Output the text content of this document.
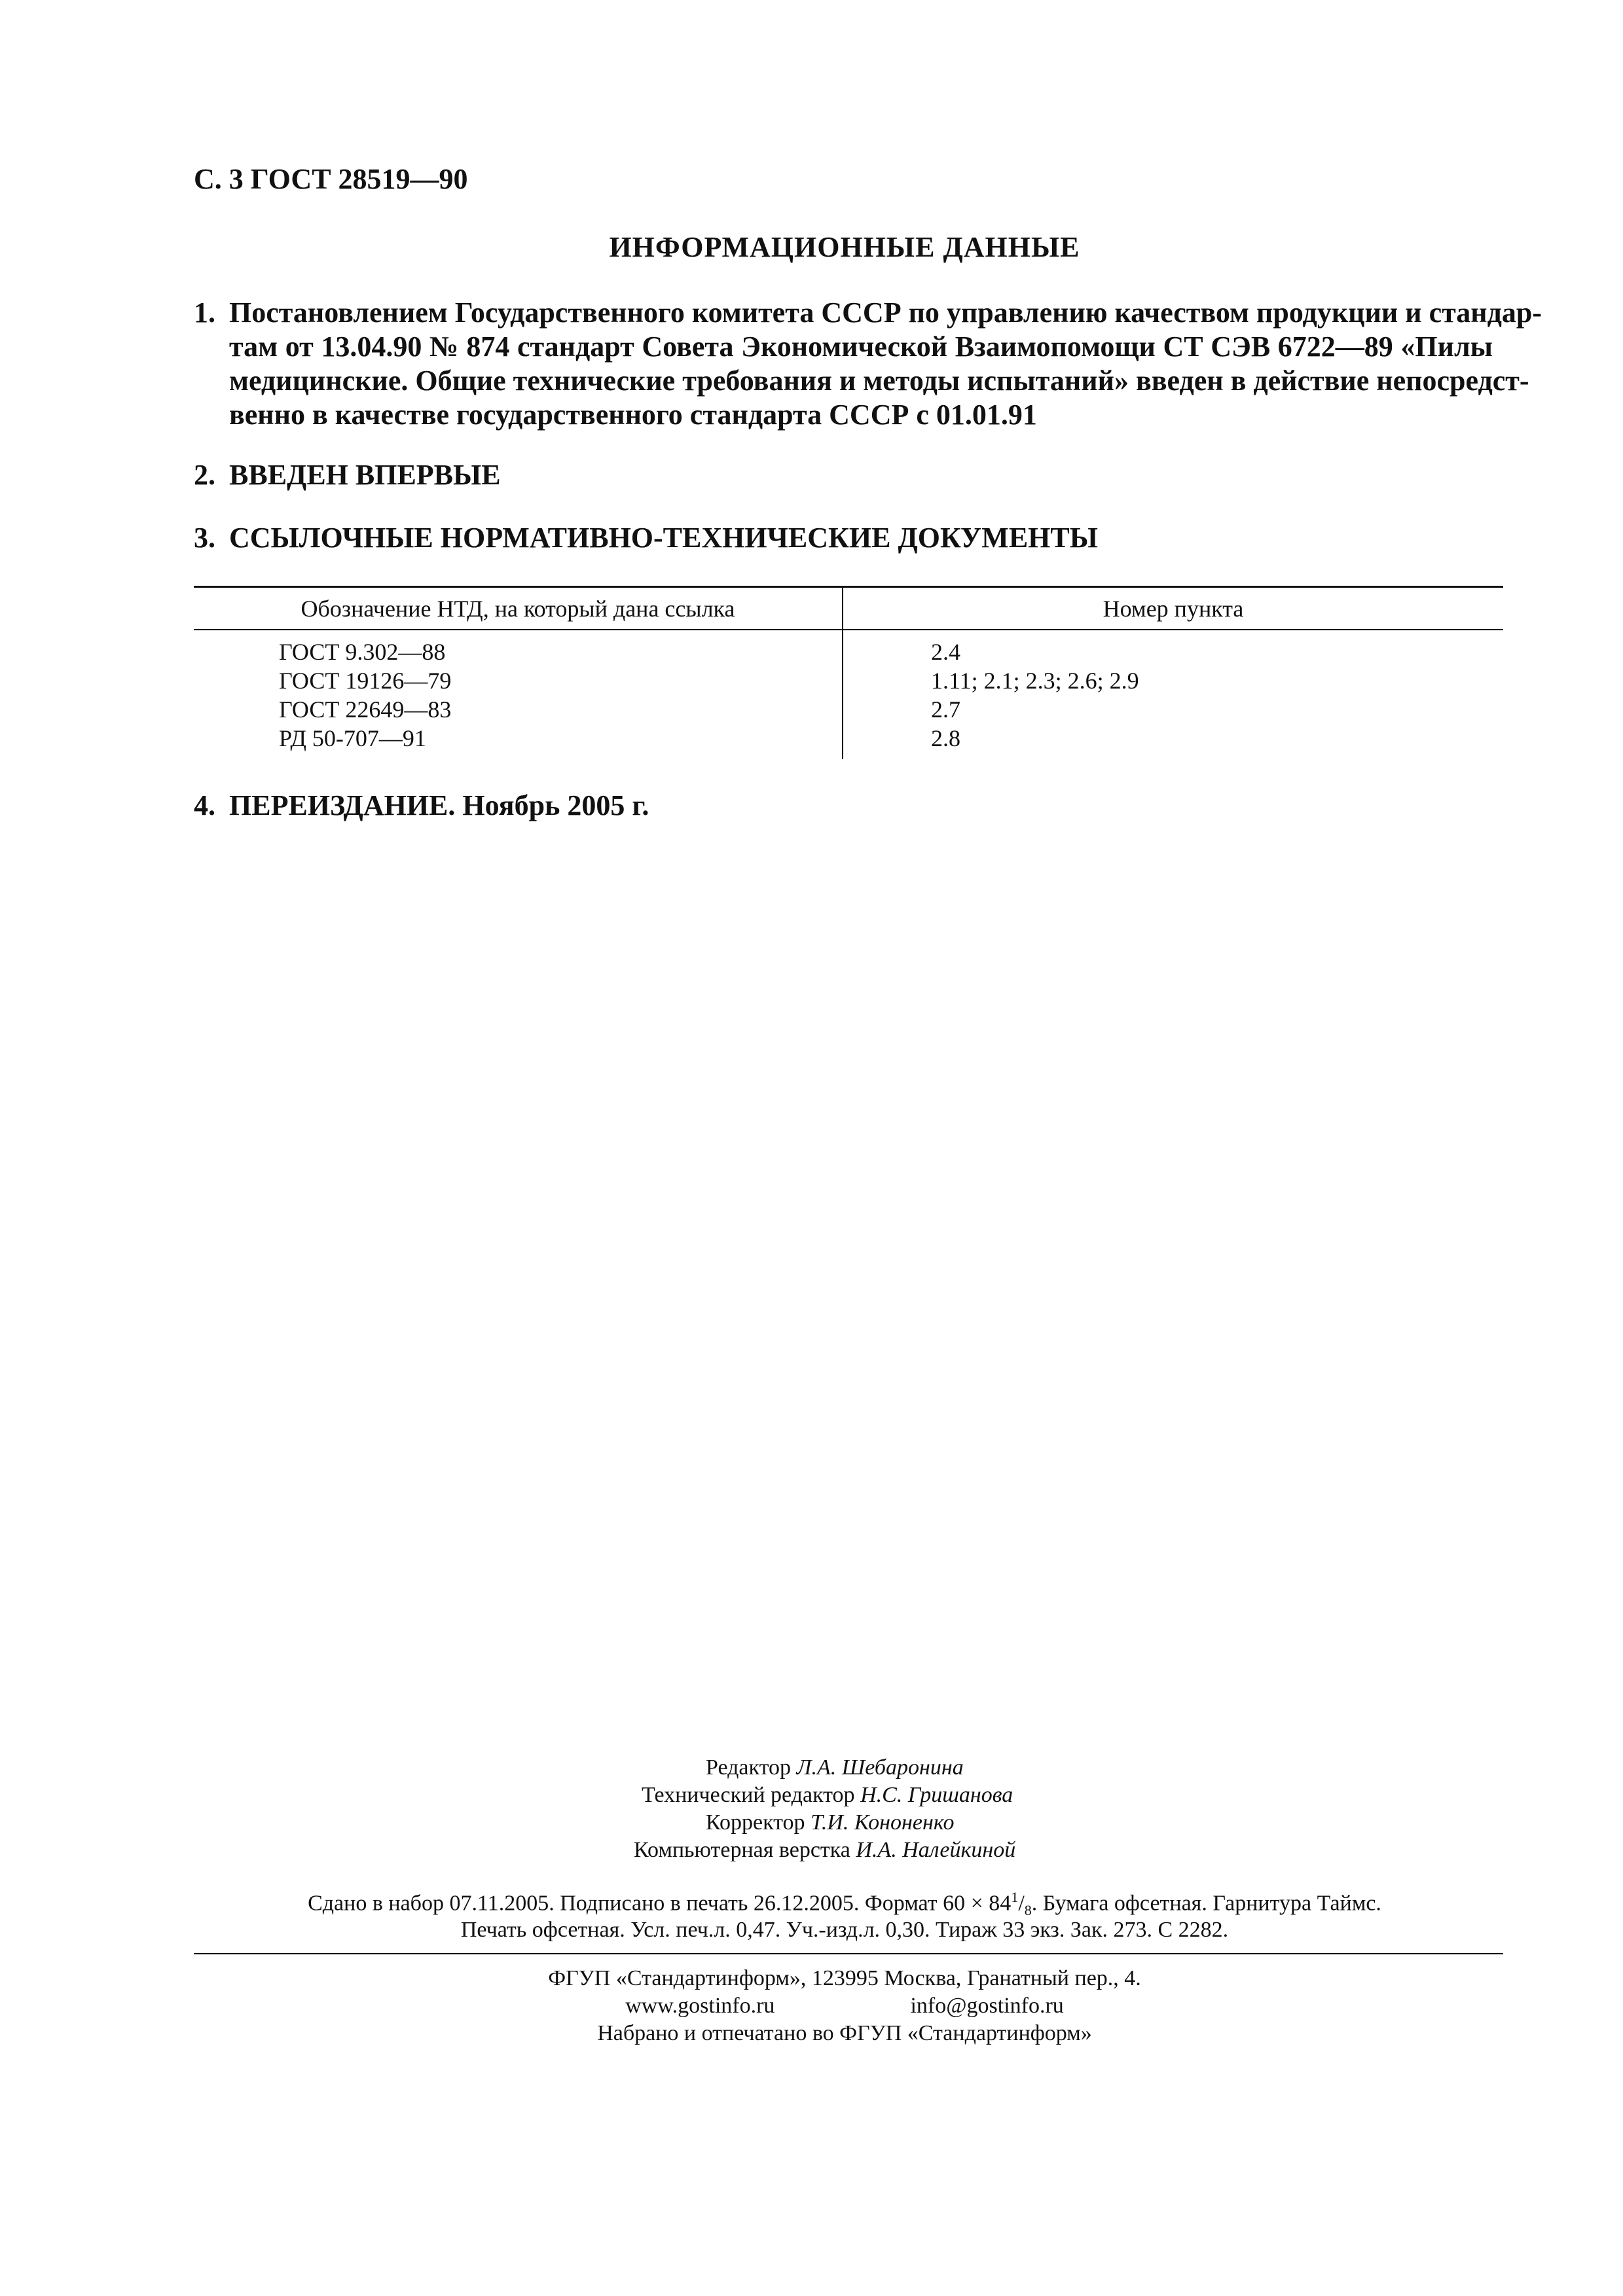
С. 3 ГОСТ 28519—90
ИНФОРМАЦИОННЫЕ ДАННЫЕ
1. Постановлением Государственного комитета СССР по управлению качеством продукции и стандар-
там от 13.04.90 № 874 стандарт Совета Экономической Взаимопомощи СТ СЭВ 6722—89 «Пилы
медицинские. Общие технические требования и методы испытаний» введен в действие непосредст-
венно в качестве государственного стандарта СССР с 01.01.91
2. ВВЕДЕН ВПЕРВЫЕ
3. ССЫЛОЧНЫЕ НОРМАТИВНО-ТЕХНИЧЕСКИЕ ДОКУМЕНТЫ
Обозначение НТД, на который дана ссылка	Номер пункта
ГОСТ 9.302—88	2.4
ГОСТ 19126—79	1.11; 2.1; 2.3; 2.6; 2.9
ГОСТ 22649—83	2.7
РД 50-707—91	2.8
4. ПЕРЕИЗДАНИЕ. Ноябрь 2005 г.
Редактор Л.А. Шебаронина
Технический редактор Н.С. Гришанова
Корректор Т.И. Кононенко
Компьютерная верстка И.А. Налейкиной
Сдано в набор 07.11.2005. Подписано в печать 26.12.2005. Формат $60 \times 84^1/_8$. Бумага офсетная. Гарнитура Таймс.
Печать офсетная. Усл. печ.л. 0,47. Уч.-изд.л. 0,30. Тираж 33 экз. Зак. 273. С 2282.
ФГУП «Стандартинформ», 123995 Москва, Гранатный пер., 4.
www.gostinfo.ru	info@gostinfo.ru
Набрано и отпечатано во ФГУП «Стандартинформ»
